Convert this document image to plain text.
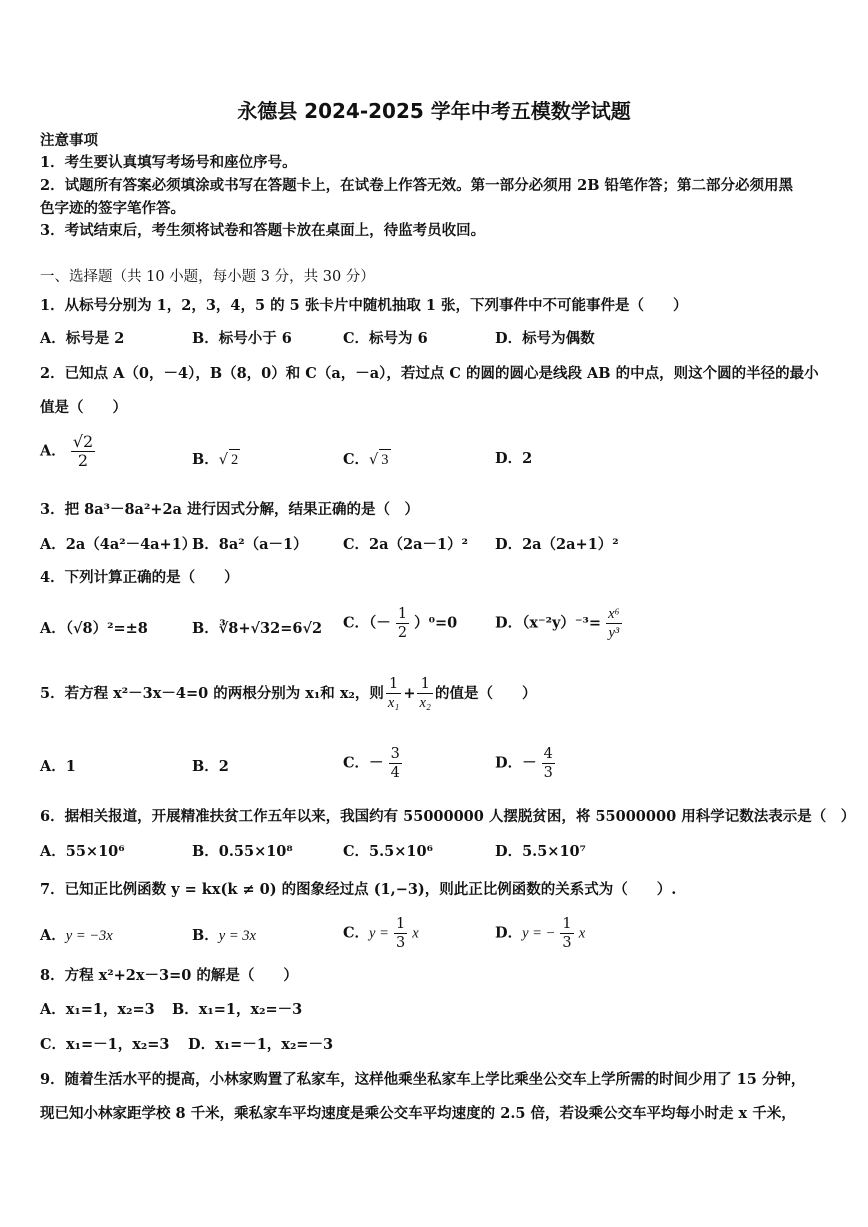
永德县 2024-2025 学年中考五模数学试题
注意事项
1．考生要认真填写考场号和座位序号。
2．试题所有答案必须填涂或书写在答题卡上，在试卷上作答无效。第一部分必须用 2B 铅笔作答；第二部分必须用黑
色字迹的签字笔作答。
3．考试结束后，考生须将试卷和答题卡放在桌面上，待监考员收回。
一、选择题（共 10 小题，每小题 3 分，共 30 分）
1．从标号分别为 1，2，3，4，5 的 5 张卡片中随机抽取 1 张，下列事件中不可能事件是（　　）
A．标号是 2	B．标号小于 6	C．标号为 6	D．标号为偶数
2．已知点 A（0，－4），B（8，0）和 C（a，－a），若过点 C 的圆的圆心是线段 AB 的中点，则这个圆的半径的最小
值是（　　）
A． $\frac{√2}{2}$	B．√ 2	C．√ 3	D．2
3．把 8a³－8a²+2a 进行因式分解，结果正确的是（　）
A．2a（4a²－4a+1）
B．8a²（a－1） C．2a（2a－1）² D．2a（2a+1）²
4．下列计算正确的是（　　）
A．（√8）²=±8	B．∛8+√32=6√2 C．（－ $\frac{1}{2} )^0=0$	D．$(x^{-2}y)^{-3}= \frac{\text{x⁶}}{\text{y³}}$
5．若方程 x²－3x－4=0 的两根分别为 x₁和 x₂，则 $\frac{1}{\text{x₁}} + \frac{1}{\text{x₂}}$ 的值是（　　）
A．1	B．2	C．－ $\frac{3}{4}$	D．－ $\frac{4}{3}$
6．据相关报道，开展精准扶贫工作五年以来，我国约有 55000000 人摆脱贫困，将 55000000 用科学记数法表示是（　）
A．55×10⁶	B．0.55×10⁸	C．5.5×10⁶	D．5.5×10⁷
7．已知正比例函数 y = kx(k ≠ 0) 的图象经过点 (1,−3)，则此正比例函数的关系式为（　　）.
A．y = −3x	B．y = 3x	C．$y = \frac{1}{3}$ x	D．y = − $\frac{1}{3}$ x
8．方程 x²+2x－3=0 的解是（　　）
A．x₁=1，x₂=3 B．x₁=1，x₂=－3
C．x₁=－1，x₂=3 D．x₁=－1，x₂=－3
9．随着生活水平的提高，小林家购置了私家车，这样他乘坐私家车上学比乘坐公交车上学所需的时间少用了 15 分钟，
现已知小林家距学校 8 千米，乘私家车平均速度是乘公交车平均速度的 2.5 倍，若设乘公交车平均每小时走 x 千米，
